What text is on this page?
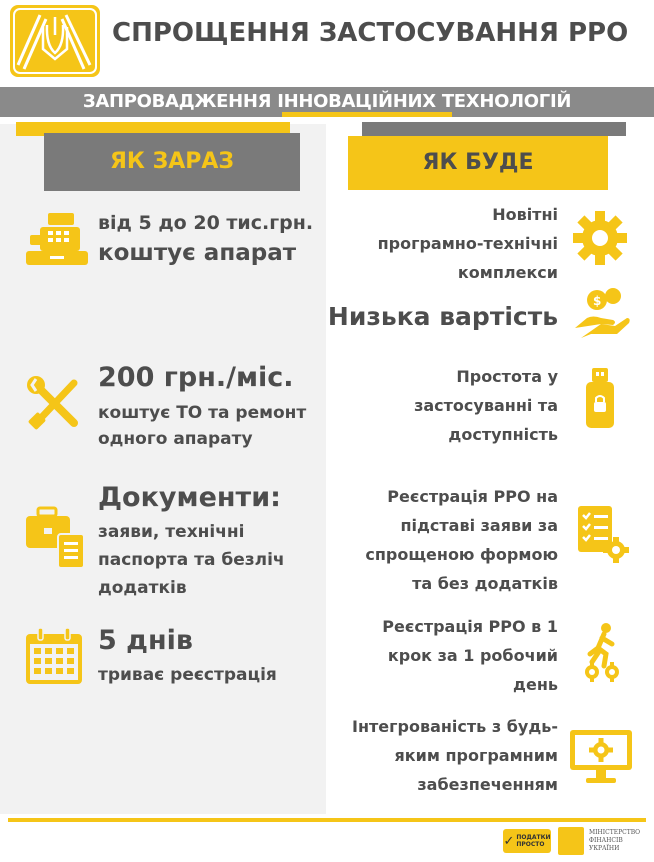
СПРОЩЕННЯ ЗАСТОСУВАННЯ РРО
ЗАПРОВАДЖЕННЯ ІННОВАЦІЙНИХ ТЕХНОЛОГІЙ
ЯК ЗАРАЗ	ЯК БУДЕ
від 5 до 20 тис.грн.
коштує апарат
200 грн./міс.
коштує ТО та ремонт
одного апарату
Документи:
заяви, технічні
паспорта та безліч
додатків
5 днів
триває реєстрація
Новітні
програмно-технічні
комплекси
Низька вартість
$
Простота у
застосуванні та
доступність
Реєстрація РРО на
підставі заяви за
спрощеною формою
та без додатків
Реєстрація РРО в 1
крок за 1 робочий
день
Інтегрованість з будь-
яким програмним
забезпеченням
✓ ПОДАТКИ
ПРОСТО
МІНІСТЕРСТВО
ФІНАНСІВ
УКРАЇНИ
